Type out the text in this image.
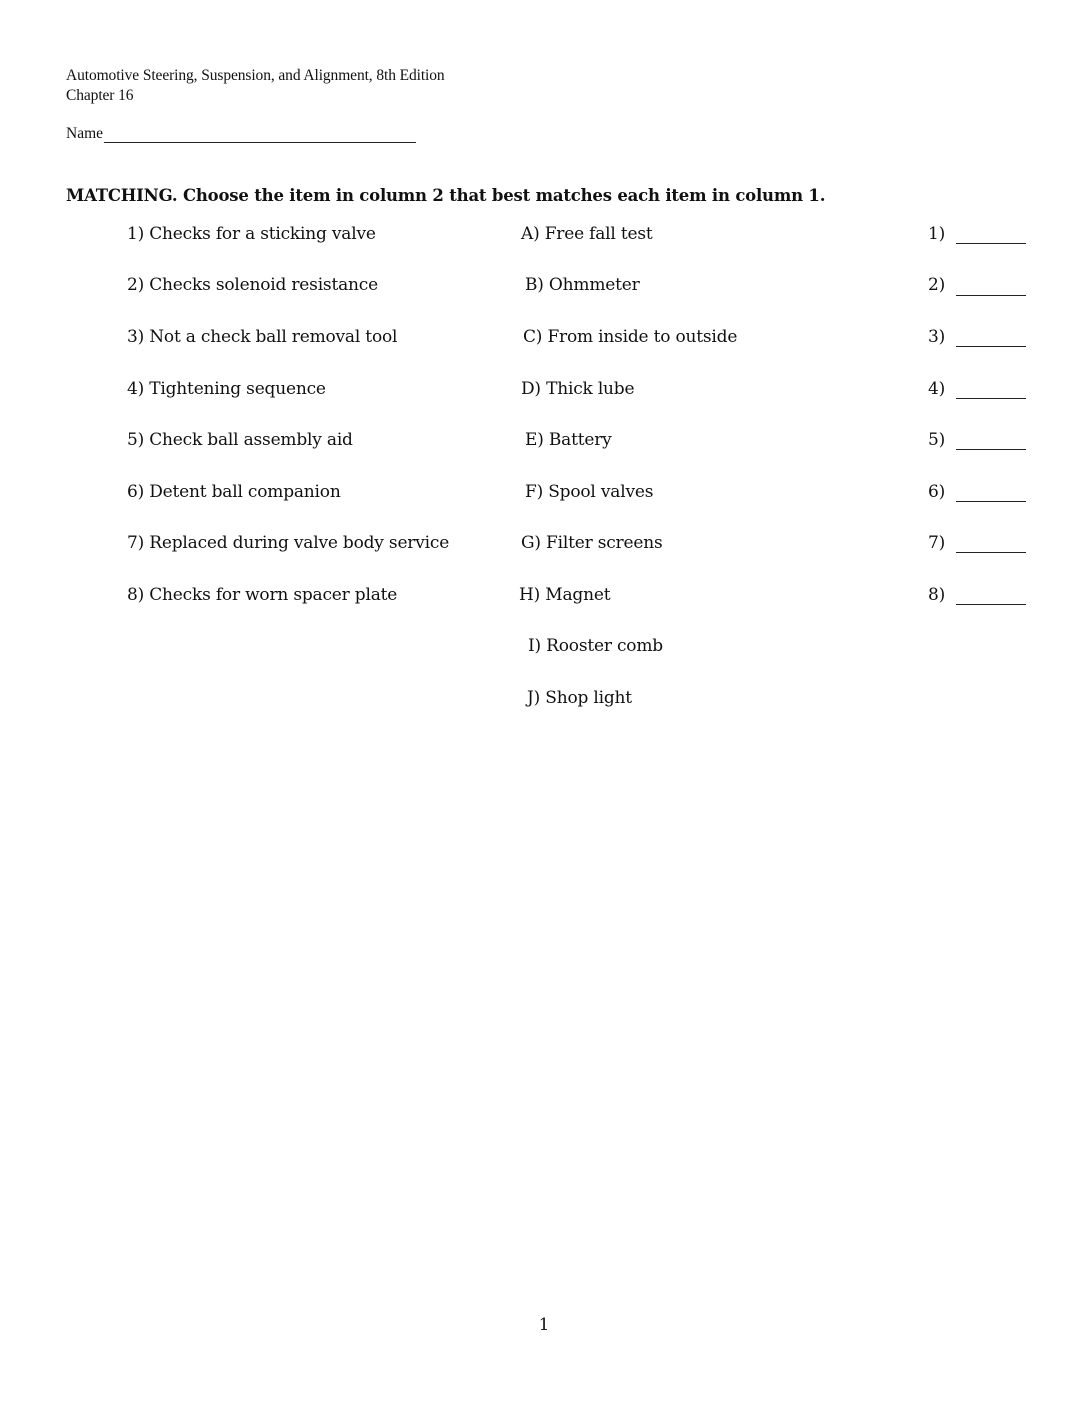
Automotive Steering, Suspension, and Alignment, 8th Edition
Chapter 16
Name
MATCHING. Choose the item in column 2 that best matches each item in column 1.
1) Checks for a sticking valve
2) Checks solenoid resistance
3) Not a check ball removal tool
4) Tightening sequence
5) Check ball assembly aid
6) Detent ball companion
7) Replaced during valve body service
8) Checks for worn spacer plate
A) Free fall test
B) Ohmmeter
C) From inside to outside
D) Thick lube
E) Battery
F) Spool valves
G) Filter screens
H) Magnet
I) Rooster comb
J) Shop light
1)
2)
3)
4)
5)
6)
7)
8)
1
